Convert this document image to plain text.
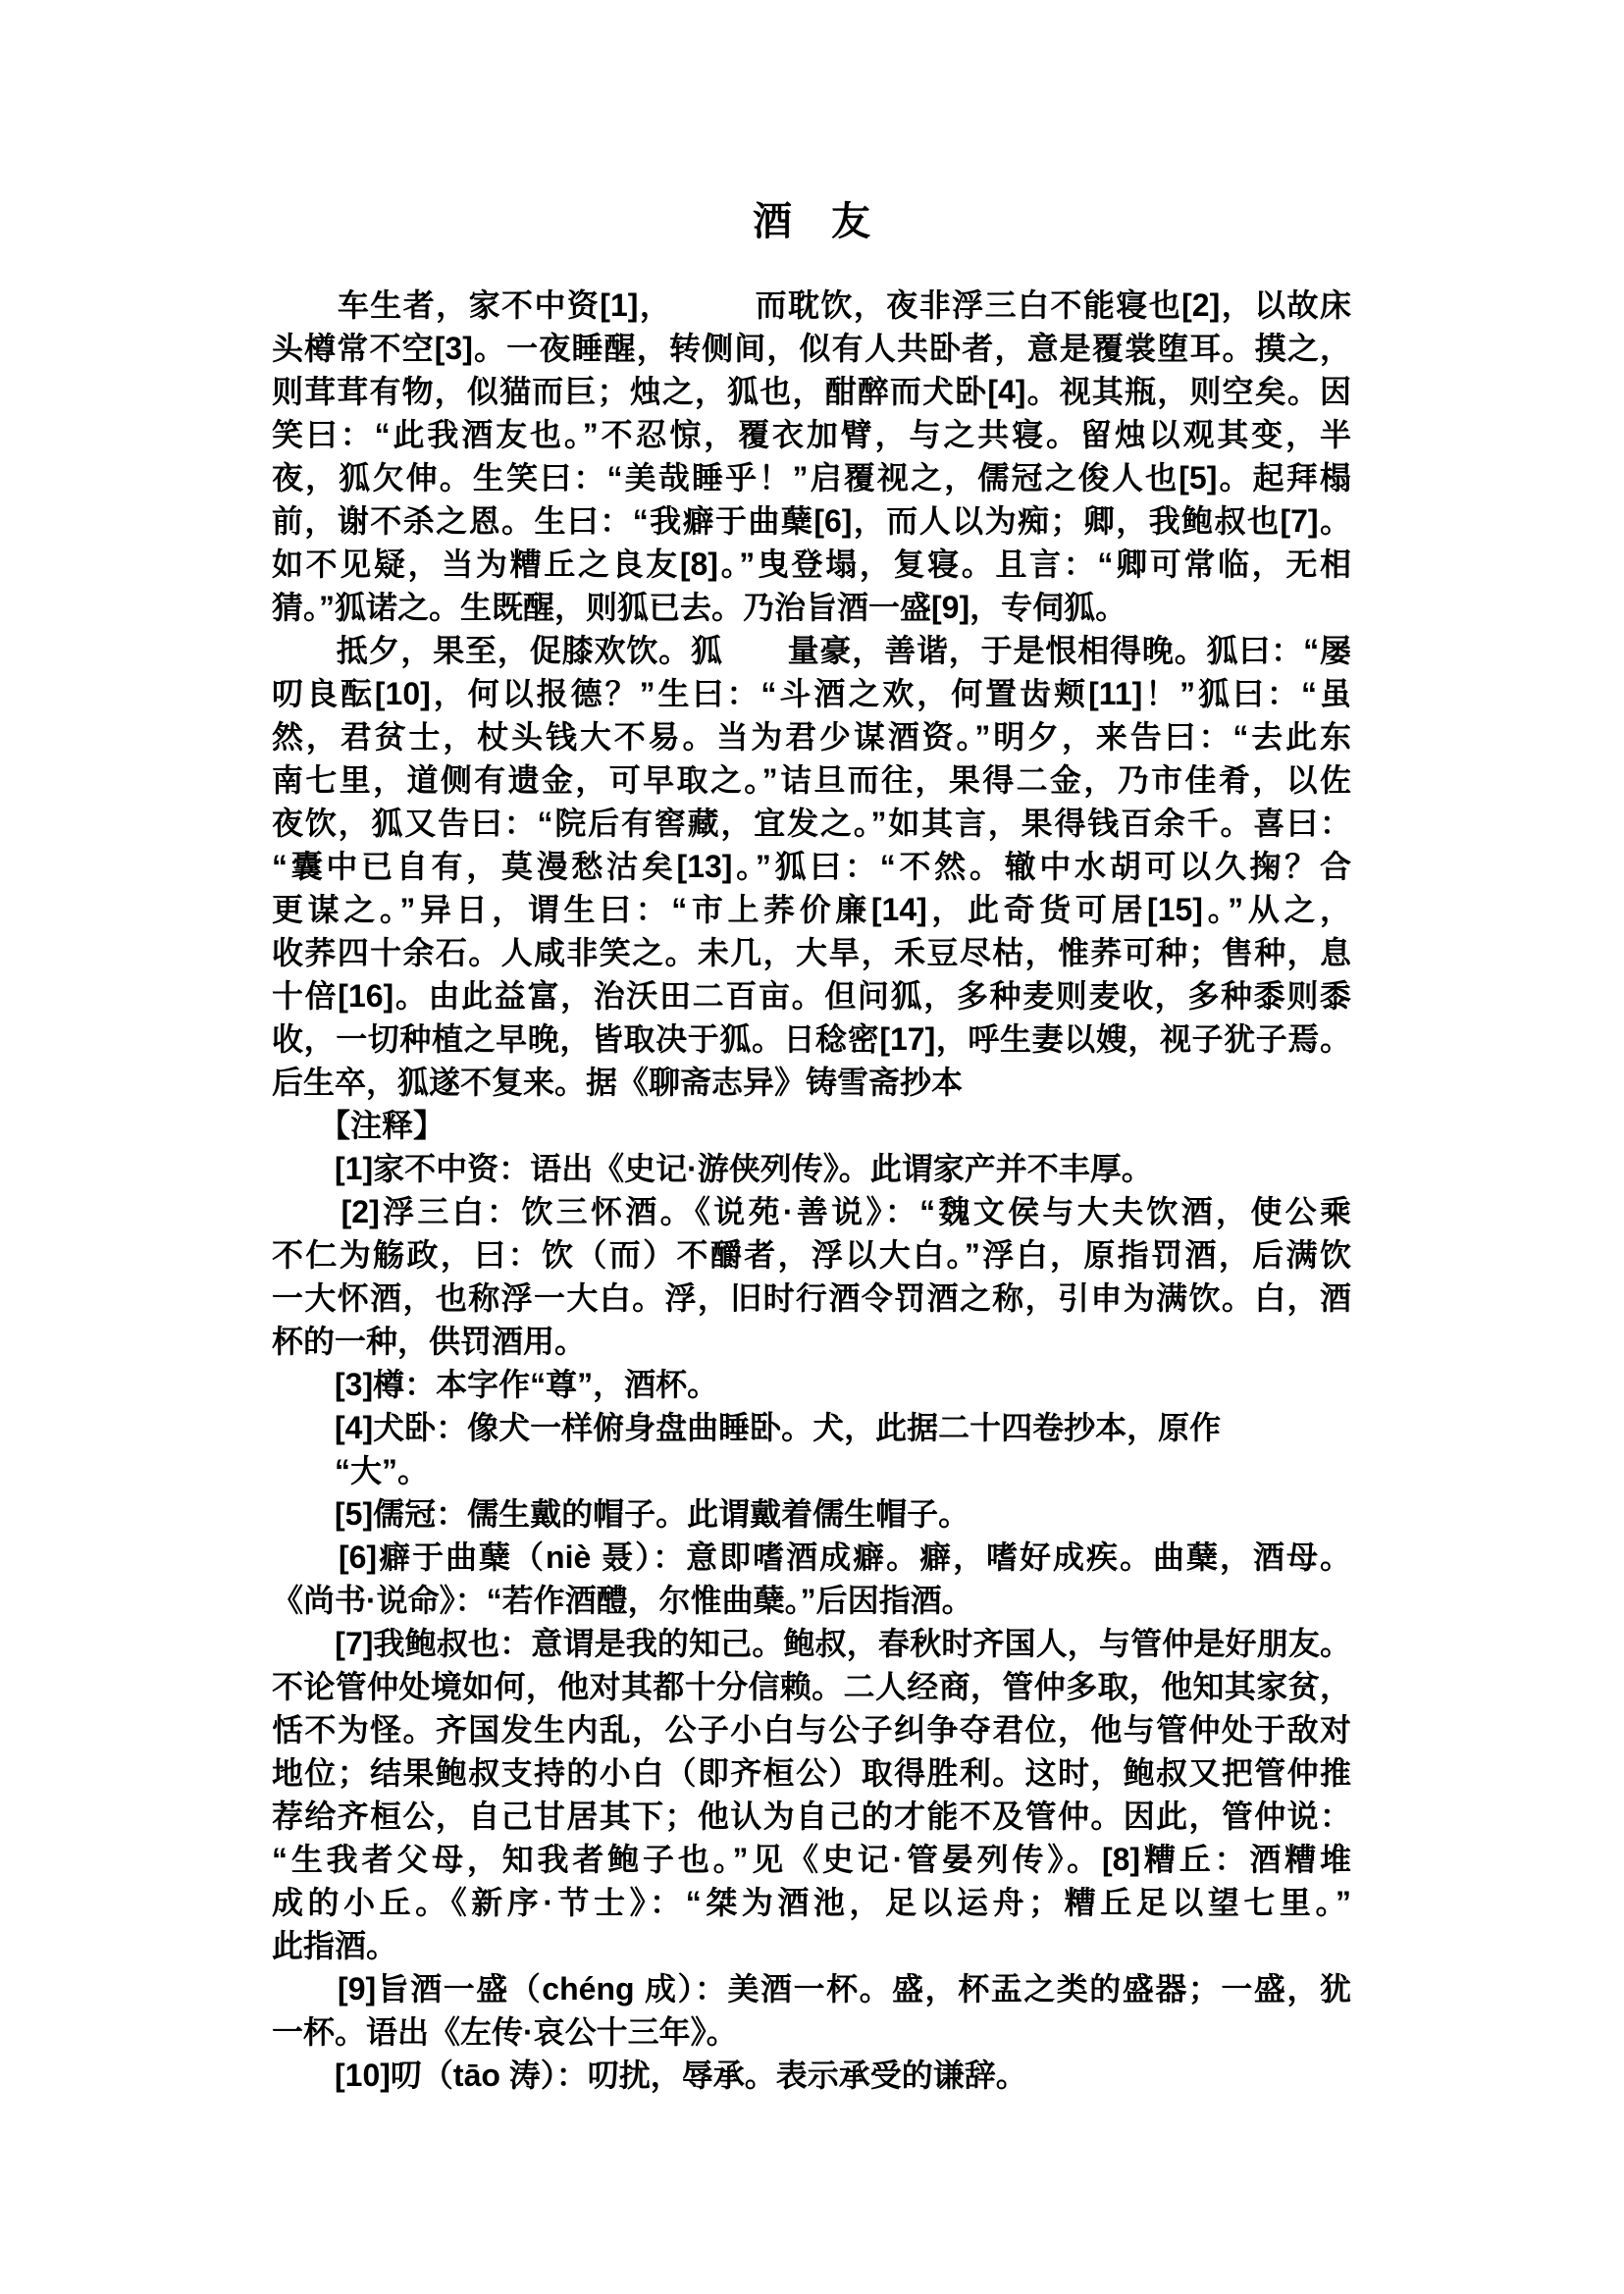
酒　友
　　车生者，家不中资[1]，　　　而耽饮，夜非浮三白不能寝也[2]，以故床
头樽常不空[3]。一夜睡醒，转侧间，似有人共卧者，意是覆裳堕耳。摸之，
则茸茸有物，似猫而巨；烛之，狐也，酣醉而犬卧[4]。视其瓶，则空矣。因
笑曰：“此我酒友也。”不忍惊，覆衣加臂，与之共寝。留烛以观其变，半
夜，狐欠伸。生笑曰：“美哉睡乎！”启覆视之，儒冠之俊人也[5]。起拜榻
前，谢不杀之恩。生曰：“我癖于曲蘖[6]，而人以为痴；卿，我鲍叔也[7]。
如不见疑，当为糟丘之良友[8]。”曳登塌，复寝。且言：“卿可常临，无相
猜。”狐诺之。生既醒，则狐已去。乃治旨酒一盛[9]，专伺狐。
　　抵夕，果至，促膝欢饮。狐　　量豪，善谐，于是恨相得晚。狐曰：“屡
叨良酝[10]，何以报德？”生曰：“斗酒之欢，何置齿颊[11]！”狐曰：“虽
然，君贫士，杖头钱大不易。当为君少谋酒资。”明夕，来告曰：“去此东
南七里，道侧有遗金，可早取之。”诘旦而往，果得二金，乃市佳肴，以佐
夜饮，狐又告曰：“院后有窖藏，宜发之。”如其言，果得钱百余千。喜曰：
“囊中已自有，莫漫愁沽矣[13]。”狐曰：“不然。辙中水胡可以久掬？合
更谋之。”异日，谓生曰：“市上荞价廉[14]，此奇货可居[15]。”从之，
收荞四十余石。人咸非笑之。未几，大旱，禾豆尽枯，惟荞可种；售种，息
十倍[16]。由此益富，治沃田二百亩。但问狐，多种麦则麦收，多种黍则黍
收，一切种植之早晚，皆取决于狐。日稔密[17]，呼生妻以嫂，视子犹子焉。
后生卒，狐遂不复来。据《聊斋志异》铸雪斋抄本
　　【注释】
　　[1]家不中资：语出《史记·游侠列传》。此谓家产并不丰厚。
　　[2]浮三白：饮三怀酒。《说苑·善说》：“魏文侯与大夫饮酒，使公乘
不仁为觞政，曰：饮（而）不釂者，浮以大白。”浮白，原指罚酒，后满饮
一大怀酒，也称浮一大白。浮，旧时行酒令罚酒之称，引申为满饮。白，酒
杯的一种，供罚酒用。
　　[3]樽：本字作“尊”，酒杯。
　　[4]犬卧：像犬一样俯身盘曲睡卧。犬，此据二十四卷抄本，原作
　　“大”。
　　[5]儒冠：儒生戴的帽子。此谓戴着儒生帽子。
　　[6]癖于曲蘖（niè 聂）：意即嗜酒成癖。癖，嗜好成疾。曲蘖，酒母。
《尚书·说命》：“若作酒醴，尔惟曲蘖。”后因指酒。
　　[7]我鲍叔也：意谓是我的知己。鲍叔，春秋时齐国人，与管仲是好朋友。
不论管仲处境如何，他对其都十分信赖。二人经商，管仲多取，他知其家贫，
恬不为怪。齐国发生内乱，公子小白与公子纠争夺君位，他与管仲处于敌对
地位；结果鲍叔支持的小白（即齐桓公）取得胜利。这时，鲍叔又把管仲推
荐给齐桓公，自己甘居其下；他认为自己的才能不及管仲。因此，管仲说：
“生我者父母，知我者鲍子也。”见《史记·管晏列传》。[8]糟丘：酒糟堆
成的小丘。《新序·节士》：“桀为酒池，足以运舟；糟丘足以望七里。”
此指酒。
　　[9]旨酒一盛（chéng 成）：美酒一杯。盛，杯盂之类的盛器；一盛，犹
一杯。语出《左传·哀公十三年》。
　　[10]叨（tāo 涛）：叨扰，辱承。表示承受的谦辞。
